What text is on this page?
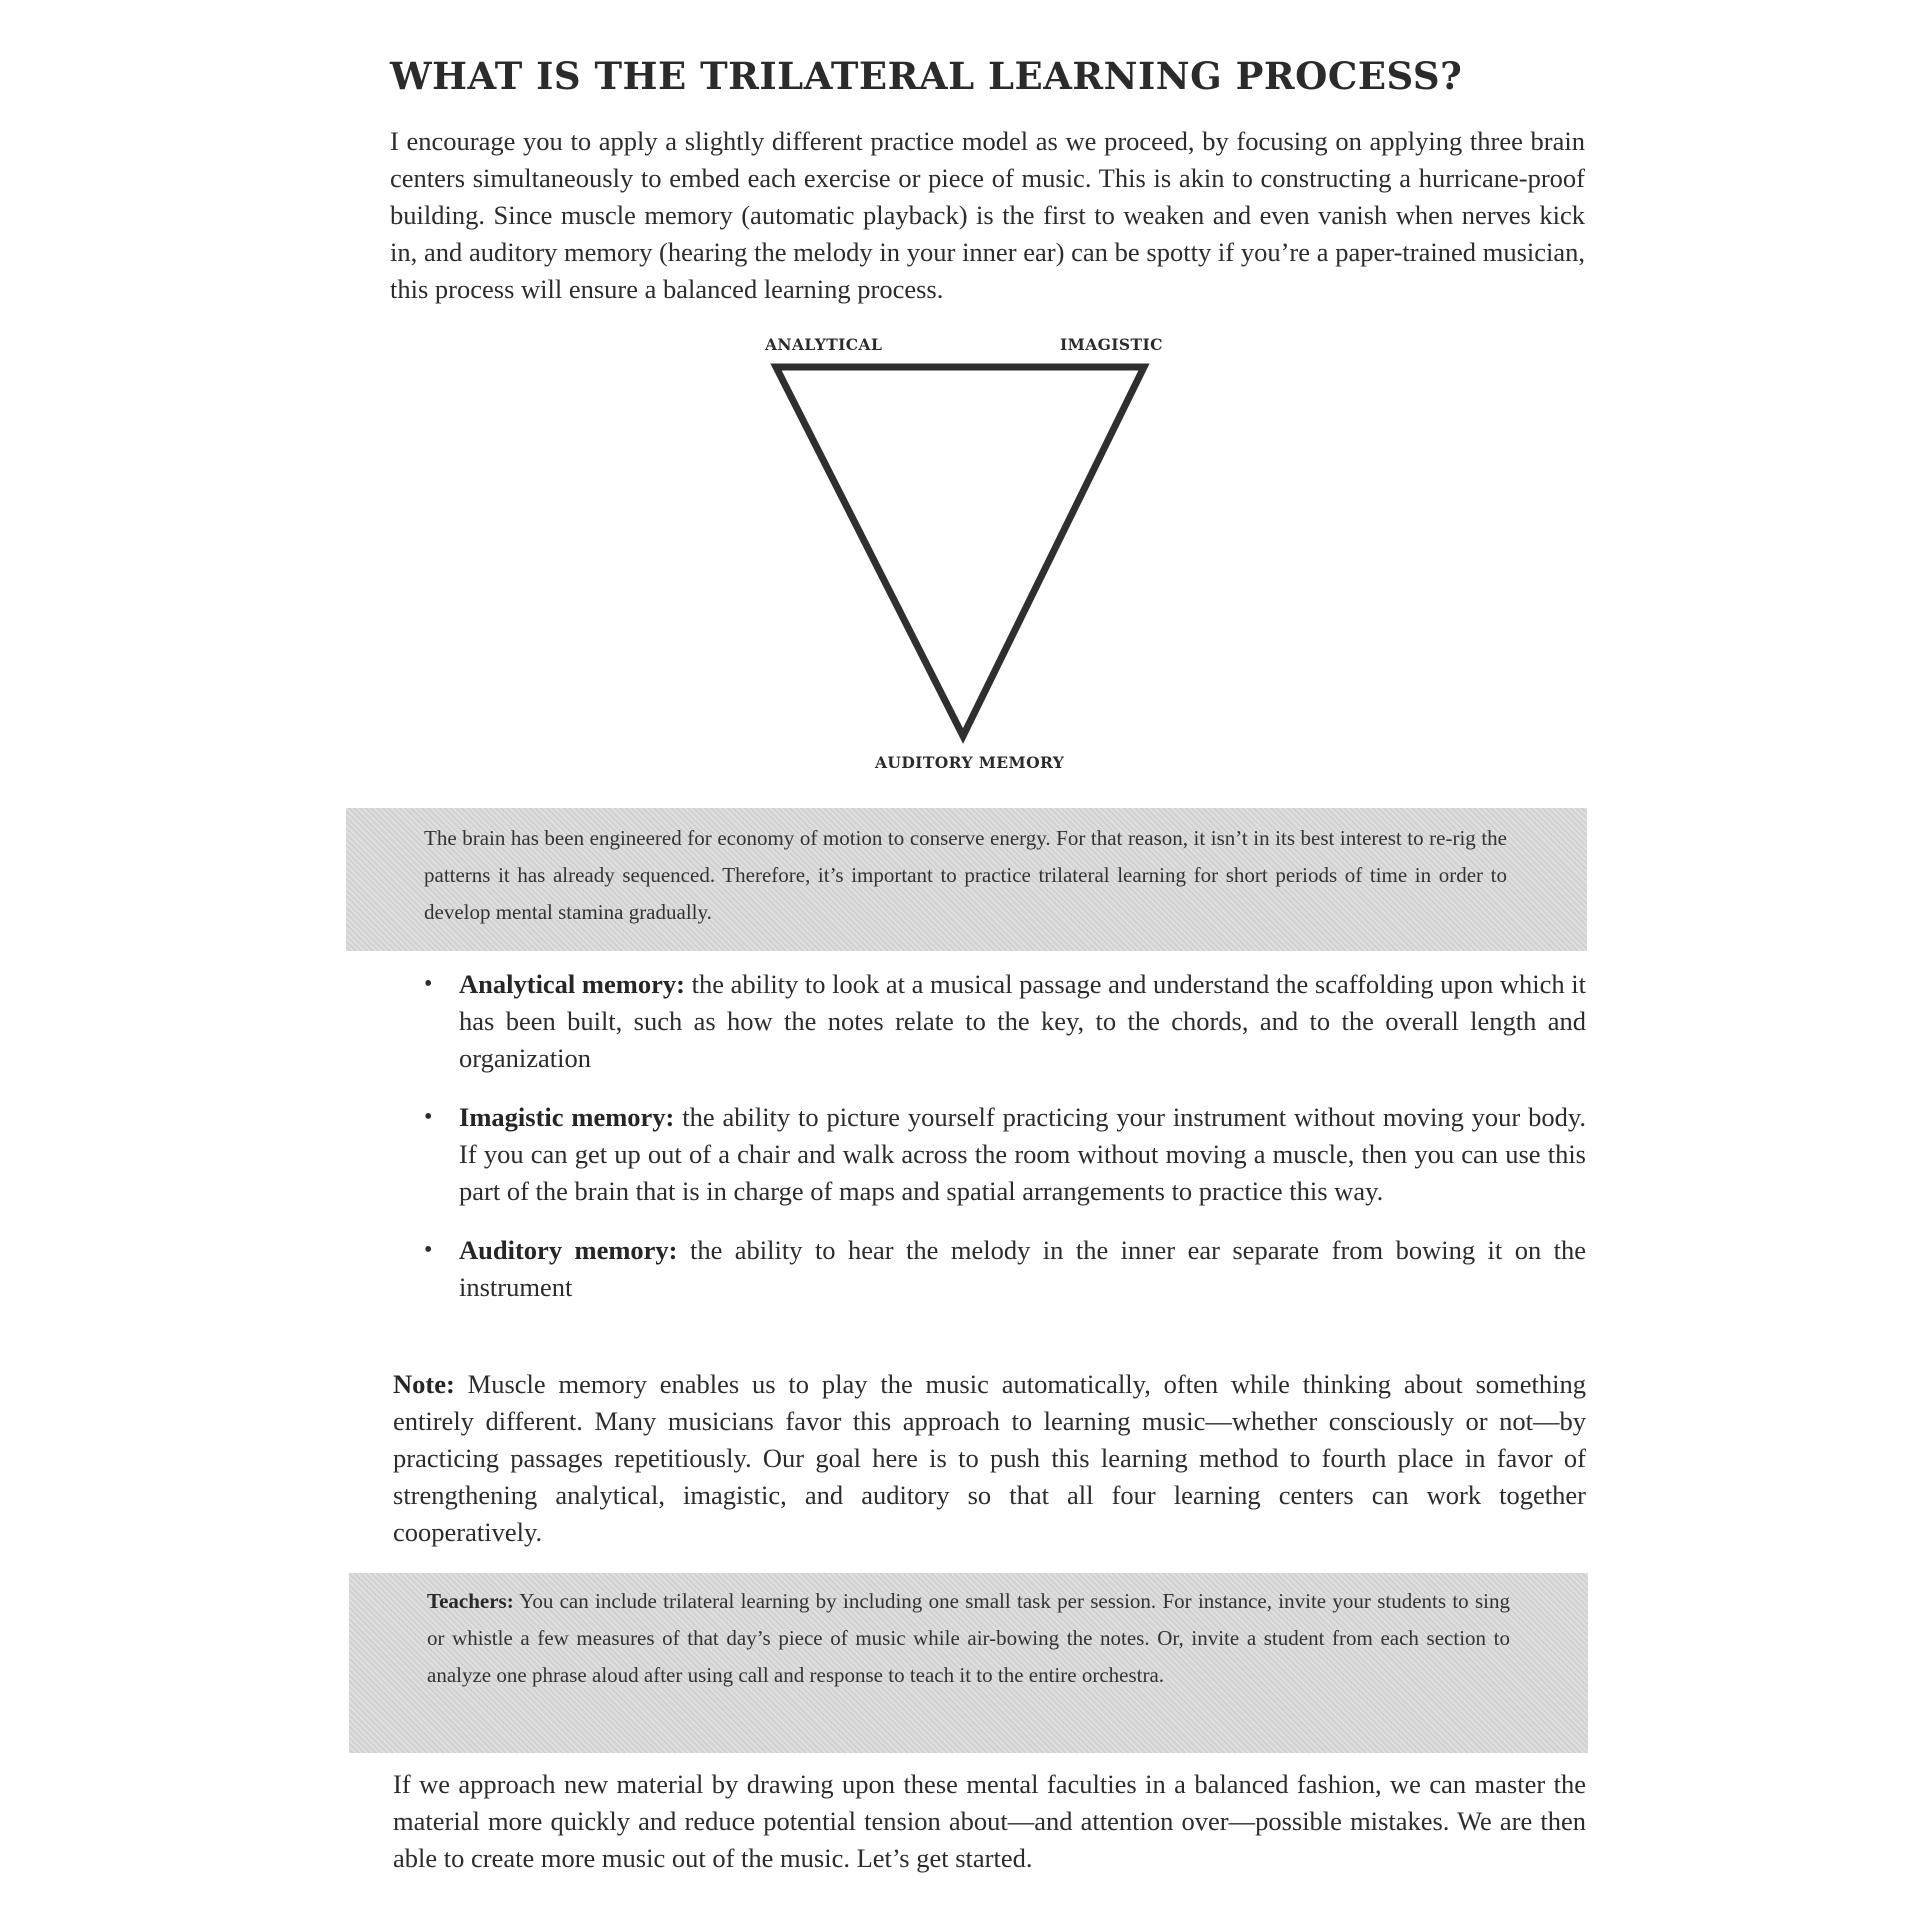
WHAT IS THE TRILATERAL LEARNING PROCESS?

I encourage you to apply a slightly different practice model as we proceed, by focusing on applying three brain centers simultaneously to embed each exercise or piece of music. This is akin to constructing a hurricane-proof building. Since muscle memory (automatic playback) is the first to weaken and even vanish when nerves kick in, and auditory memory (hearing the melody in your inner ear) can be spotty if you’re a paper-trained musician, this process will ensure a balanced learning process.

ANALYTICAL	IMAGISTIC
AUDITORY MEMORY

The brain has been engineered for economy of motion to conserve energy. For that reason, it isn’t in its best interest to re-rig the patterns it has already sequenced. Therefore, it’s important to practice trilateral learning for short periods of time in order to develop mental stamina gradually.

• Analytical memory: the ability to look at a musical passage and understand the scaffolding upon which it has been built, such as how the notes relate to the key, to the chords, and to the overall length and organization
• Imagistic memory: the ability to picture yourself practicing your instrument without moving your body. If you can get up out of a chair and walk across the room without moving a muscle, then you can use this part of the brain that is in charge of maps and spatial arrangements to practice this way.
• Auditory memory: the ability to hear the melody in the inner ear separate from bowing it on the instrument

Note: Muscle memory enables us to play the music automatically, often while thinking about something entirely different. Many musicians favor this approach to learning music—whether consciously or not—by practicing passages repetitiously. Our goal here is to push this learning method to fourth place in favor of strengthening analytical, imagistic, and auditory so that all four learning centers can work together cooperatively.

Teachers: You can include trilateral learning by including one small task per session. For instance, invite your students to sing or whistle a few measures of that day’s piece of music while air-bowing the notes. Or, invite a student from each section to analyze one phrase aloud after using call and response to teach it to the entire orchestra.

If we approach new material by drawing upon these mental faculties in a balanced fashion, we can master the material more quickly and reduce potential tension about—and attention over—possible mistakes. We are then able to create more music out of the music. Let’s get started.
